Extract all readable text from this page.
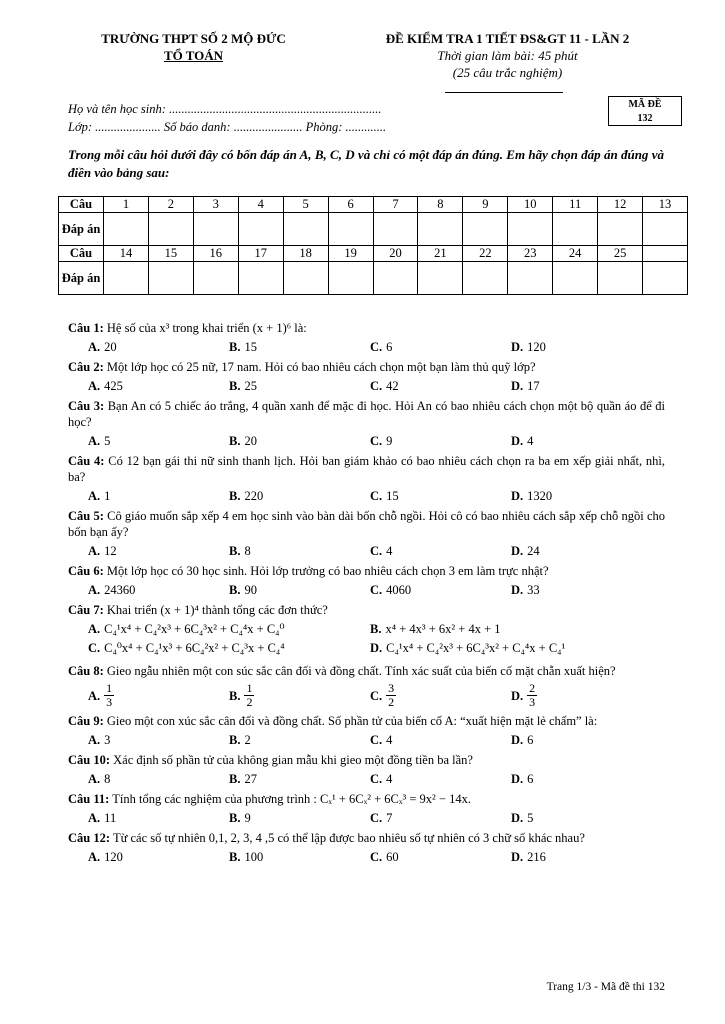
TRƯỜNG THPT SỐ 2 MỘ ĐỨC
TỔ TOÁN
ĐỀ KIỂM TRA 1 TIẾT ĐS&GT 11 - LẦN 2
Thời gian làm bài: 45 phút
(25 câu trắc nghiệm)
Họ và tên học sinh: ....................................................................
Lớp: ..................... Số báo danh: ...................... Phòng: .............
MÃ ĐỀ
132
Trong mỗi câu hỏi dưới đây có bốn đáp án A, B, C, D và chỉ có một đáp án đúng. Em hãy chọn đáp án đúng và điền vào bảng sau:
Câu	1	2	3	4	5	6	7	8	9	10	11	12	13
Đáp án													
Câu	14	15	16	17	18	19	20	21	22	23	24	25	
Đáp án													
Câu 1: Hệ số của x³ trong khai triển (x + 1)⁶ là:
A. 20	B. 15	C. 6	D. 120
Câu 2: Một lớp học có 25 nữ, 17 nam. Hỏi có bao nhiêu cách chọn một bạn làm thủ quỹ lớp?
A. 425	B. 25	C. 42	D. 17
Câu 3: Bạn An có 5 chiếc áo trắng, 4 quần xanh để mặc đi học. Hỏi An có bao nhiêu cách chọn một bộ quần áo để đi học?
A. 5	B. 20	C. 9	D. 4
Câu 4: Có 12 bạn gái thi nữ sinh thanh lịch. Hỏi ban giám khảo có bao nhiêu cách chọn ra ba em xếp giải nhất, nhì, ba?
A. 1	B. 220	C. 15	D. 1320
Câu 5: Cô giáo muốn sắp xếp 4 em học sinh vào bàn dài bốn chỗ ngồi. Hỏi cô có bao nhiêu cách sắp xếp chỗ ngồi cho bốn bạn ấy?
A. 12	B. 8	C. 4	D. 24
Câu 6: Một lớp học có 30 học sinh. Hỏi lớp trưởng có bao nhiêu cách chọn 3 em làm trực nhật?
A. 24360	B. 90	C. 4060	D. 33
Câu 7: Khai triển (x + 1)⁴ thành tổng các đơn thức?
A. C₄¹x⁴ + C₄²x³ + 6C₄³x² + C₄⁴x + C₄⁰	B. x⁴ + 4x³ + 6x² + 4x + 1
C. C₄⁰x⁴ + C₄¹x³ + 6C₄²x² + C₄³x + C₄⁴	D. C₄¹x⁴ + C₄²x³ + 6C₄³x² + C₄⁴x + C₄¹
Câu 8: Gieo ngẫu nhiên một con súc sắc cân đối và đồng chất. Tính xác suất của biến cố mặt chẵn xuất hiện?
A. $\frac{1}{3}$	B. $\frac{1}{2}$	C. $\frac{3}{2}$	D. $\frac{2}{3}$
Câu 9: Gieo một con xúc sắc cân đối và đồng chất. Số phần tử của biến cố A: “xuất hiện mặt lẻ chấm” là:
A. 3	B. 2	C. 4	D. 6
Câu 10: Xác định số phần tử của không gian mẫu khi gieo một đồng tiền ba lần?
A. 8	B. 27	C. 4	D. 6
Câu 11: Tính tổng các nghiệm của phương trình : Cₓ¹ + 6Cₓ² + 6Cₓ³ = 9x² − 14x.
A. 11	B. 9	C. 7	D. 5
Câu 12: Từ các số tự nhiên 0,1, 2, 3, 4 ,5 có thể lập được bao nhiêu số tự nhiên có 3 chữ số khác nhau?
A. 120	B. 100	C. 60	D. 216
Trang 1/3 - Mã đề thi 132
